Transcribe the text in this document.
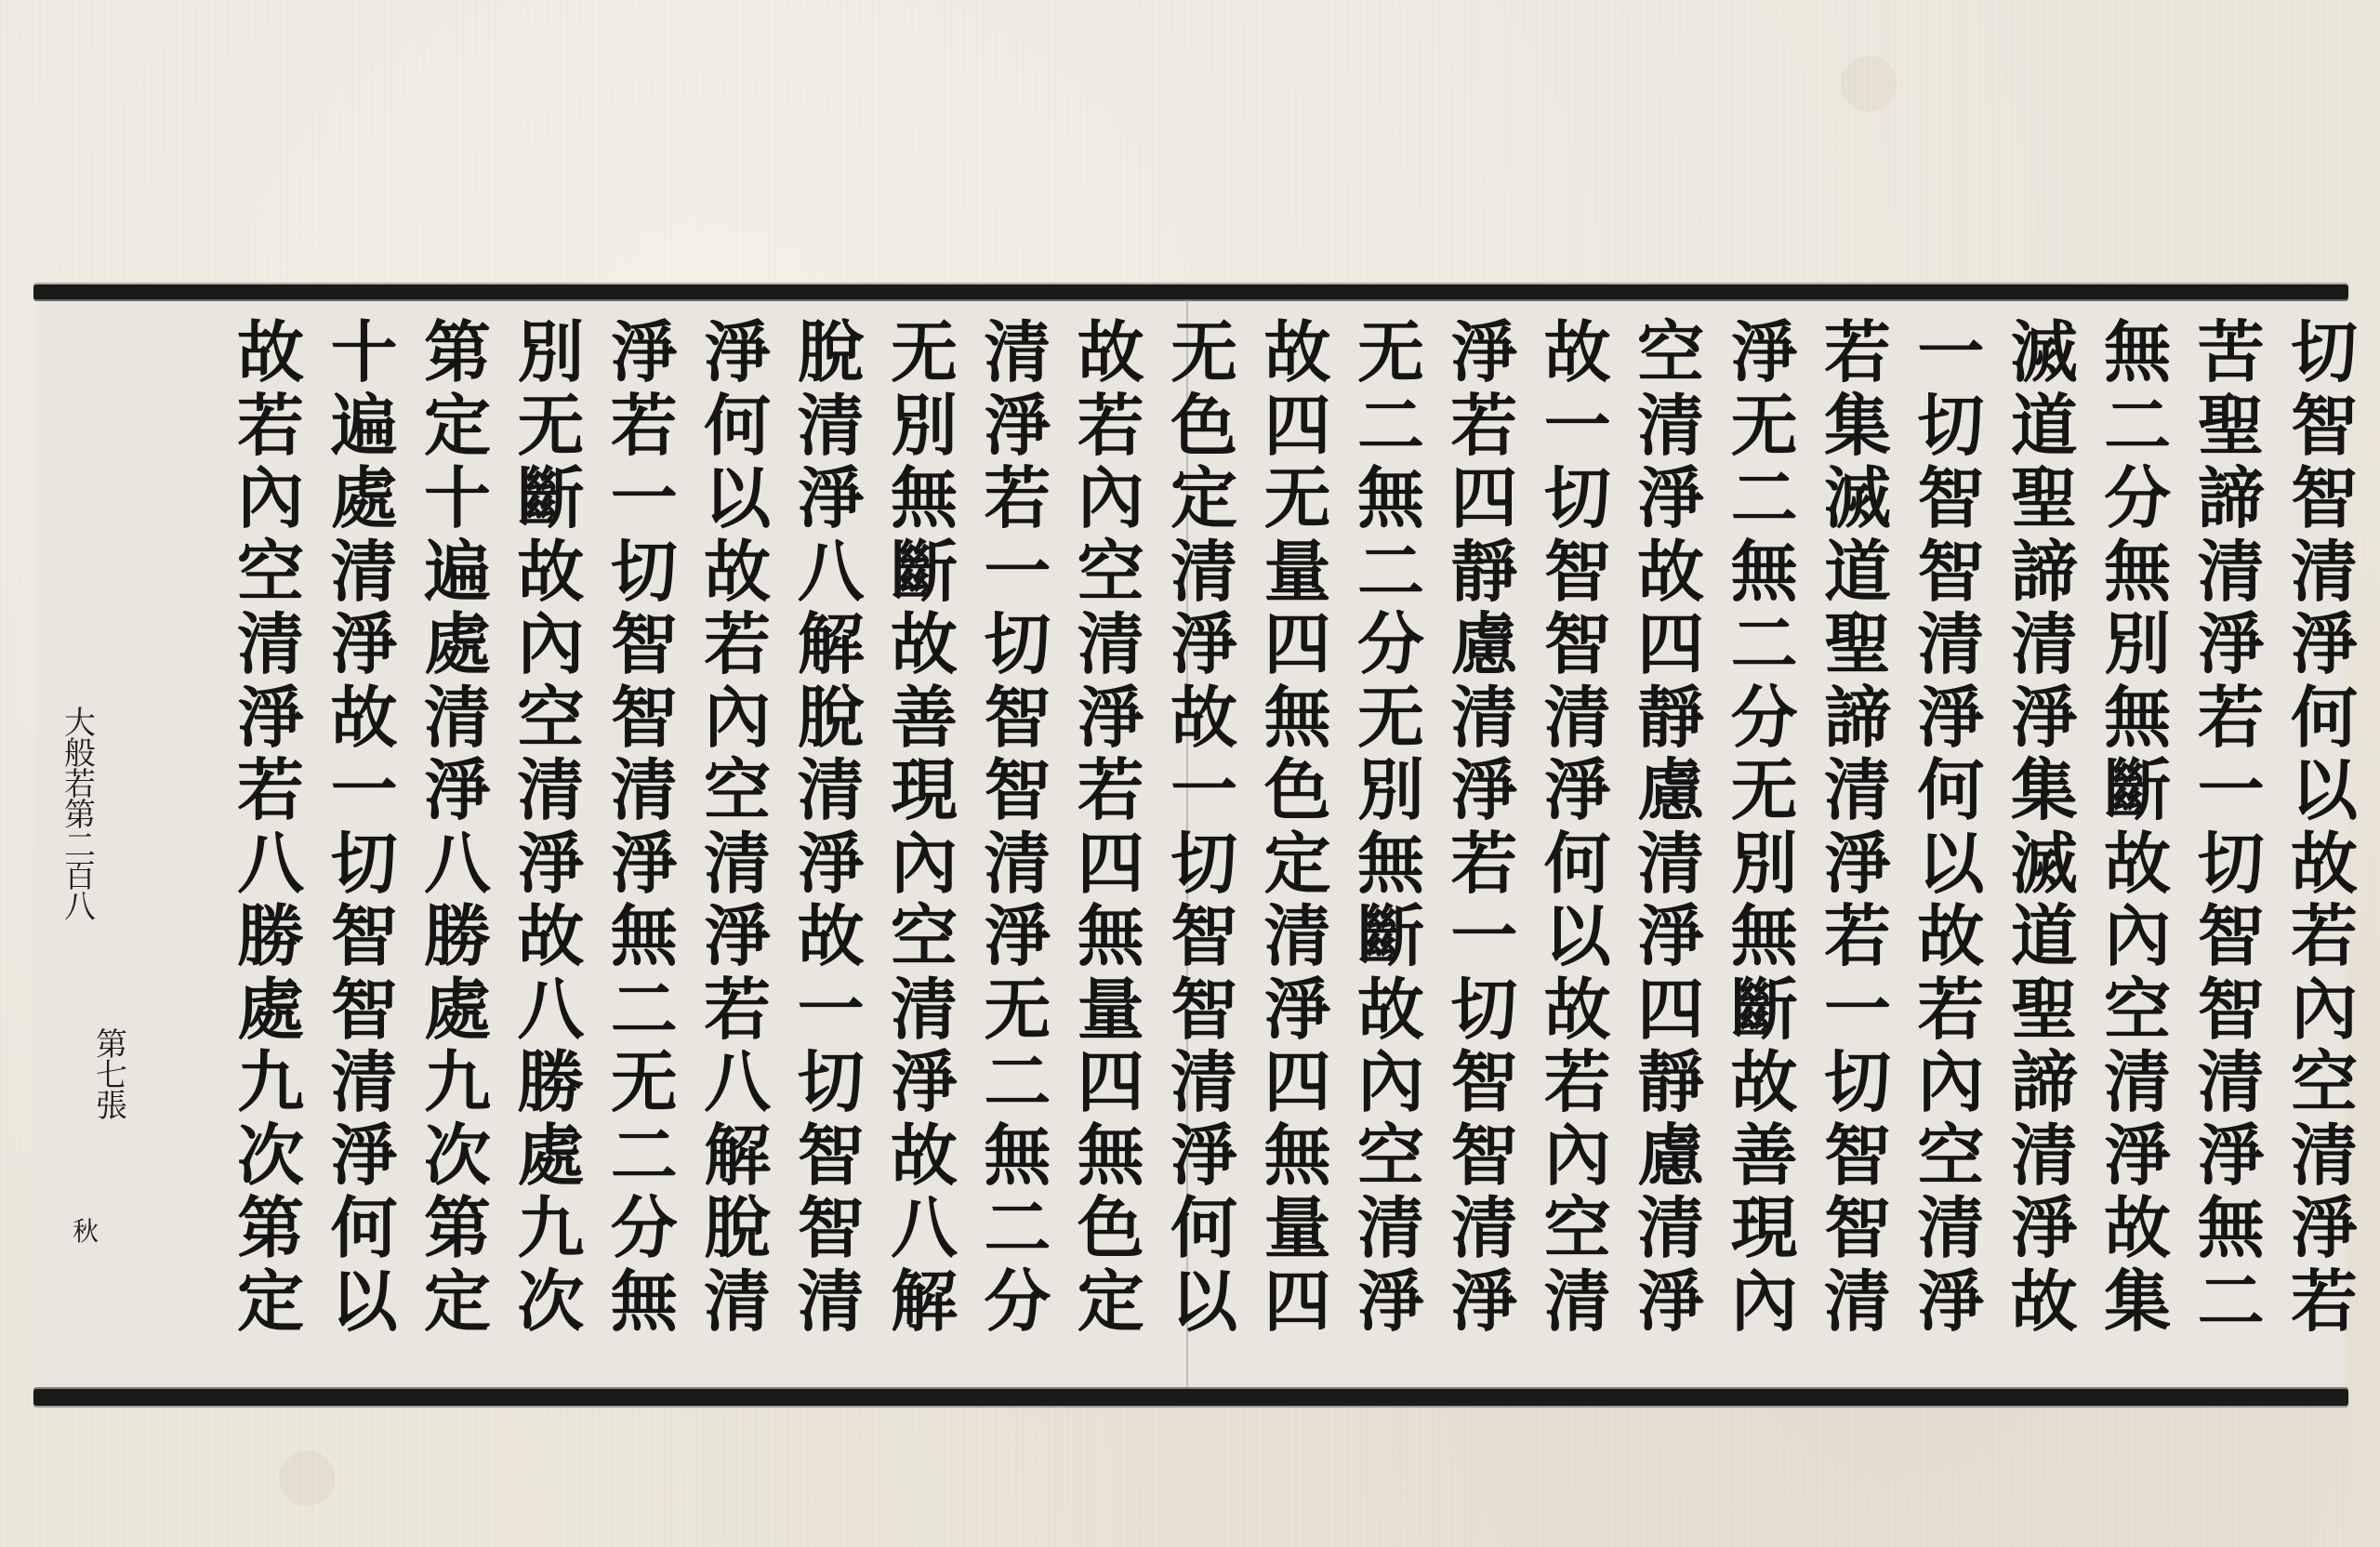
切
智
智
清
淨
何
以
故
若
內
空
清
淨
若
苦
聖
諦
清
淨
若
一
切
智
智
清
淨
無
二
無
二
分
無
別
無
斷
故
內
空
清
淨
故
集
滅
道
聖
諦
清
淨
集
滅
道
聖
諦
清
淨
故
一
切
智
智
清
淨
何
以
故
若
內
空
清
淨
若
集
滅
道
聖
諦
清
淨
若
一
切
智
智
清
淨
无
二
無
二
分
无
別
無
斷
故
善
現
內
空
清
淨
故
四
靜
慮
清
淨
四
靜
慮
清
淨
故
一
切
智
智
清
淨
何
以
故
若
內
空
清
淨
若
四
靜
慮
清
淨
若
一
切
智
智
清
淨
无
二
無
二
分
无
別
無
斷
故
內
空
清
淨
故
四
无
量
四
無
色
定
清
淨
四
無
量
四
无
色
定
清
淨
故
一
切
智
智
清
淨
何
以
故
若
內
空
清
淨
若
四
無
量
四
無
色
定
清
淨
若
一
切
智
智
清
淨
无
二
無
二
分
无
別
無
斷
故
善
現
內
空
清
淨
故
八
解
脫
清
淨
八
解
脫
清
淨
故
一
切
智
智
清
淨
何
以
故
若
內
空
清
淨
若
八
解
脫
清
淨
若
一
切
智
智
清
淨
無
二
无
二
分
無
別
无
斷
故
內
空
清
淨
故
八
勝
處
九
次
第
定
十
遍
處
清
淨
八
勝
處
九
次
第
定
十
遍
處
清
淨
故
一
切
智
智
清
淨
何
以
故
若
內
空
清
淨
若
八
勝
處
九
次
第
定
大
般
若
第
二
百
八
第
七
張
秋
